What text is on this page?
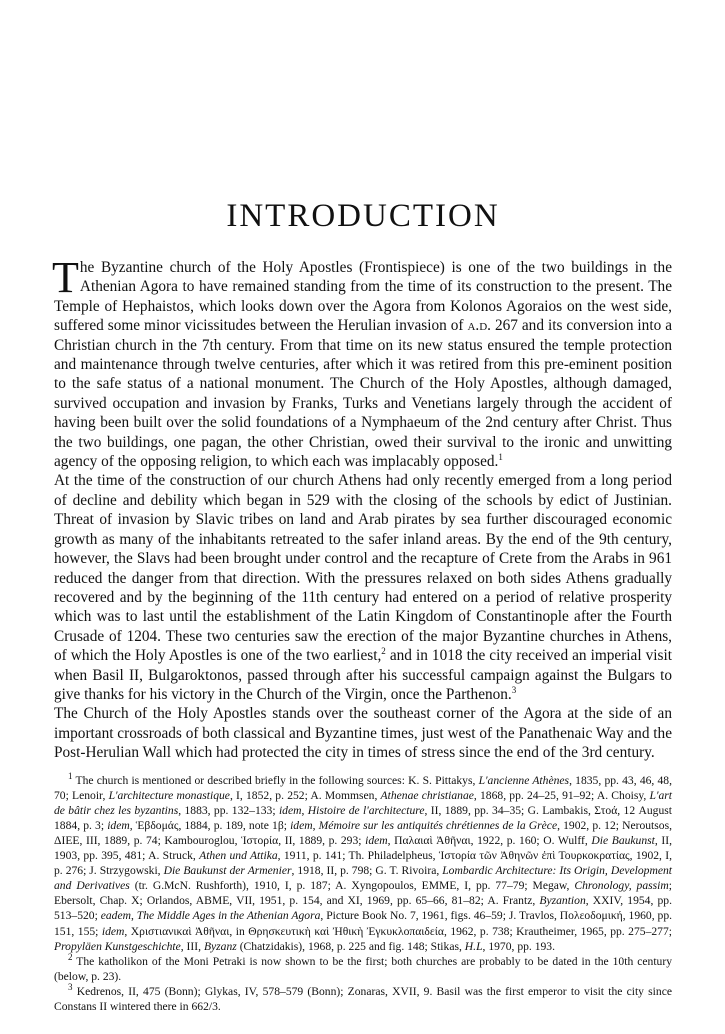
INTRODUCTION

The Byzantine church of the Holy Apostles (Frontispiece) is one of the two buildings in the Athenian Agora to have remained standing from the time of its construction to the present. The Temple of Hephaistos, which looks down over the Agora from Kolonos Agoraios on the west side, suffered some minor vicissitudes between the Herulian invasion of a.d. 267 and its conversion into a Christian church in the 7th century. From that time on its new status ensured the temple protection and maintenance through twelve centuries, after which it was retired from this pre-eminent position to the safe status of a national monument. The Church of the Holy Apostles, although damaged, survived occupation and invasion by Franks, Turks and Venetians largely through the accident of having been built over the solid foundations of a Nymphaeum of the 2nd century after Christ. Thus the two buildings, one pagan, the other Christian, owed their survival to the ironic and unwitting agency of the opposing religion, to which each was implacably opposed.$^1$

At the time of the construction of our church Athens had only recently emerged from a long period of decline and debility which began in 529 with the closing of the schools by edict of Justinian. Threat of invasion by Slavic tribes on land and Arab pirates by sea further discouraged economic growth as many of the inhabitants retreated to the safer inland areas. By the end of the 9th century, however, the Slavs had been brought under control and the recapture of Crete from the Arabs in 961 reduced the danger from that direction. With the pressures relaxed on both sides Athens gradually recovered and by the beginning of the 11th century had entered on a period of relative prosperity which was to last until the establishment of the Latin Kingdom of Constantinople after the Fourth Crusade of 1204. These two centuries saw the erection of the major Byzantine churches in Athens, of which the Holy Apostles is one of the two earliest,$^2$ and in 1018 the city received an imperial visit when Basil II, Bulgaroktonos, passed through after his successful campaign against the Bulgars to give thanks for his victory in the Church of the Virgin, once the Parthenon.$^3$

The Church of the Holy Apostles stands over the southeast corner of the Agora at the side of an important crossroads of both classical and Byzantine times, just west of the Panathenaic Way and the Post-Herulian Wall which had protected the city in times of stress since the end of the 3rd century.

$^1$ The church is mentioned or described briefly in the following sources: K. S. Pittakys, L'ancienne Athènes, 1835, pp. 43, 46, 48, 70; Lenoir, L'architecture monastique, I, 1852, p. 252; A. Mommsen, Athenae christianae, 1868, pp. 24–25, 91–92; A. Choisy, L'art de bâtir chez les byzantins, 1883, pp. 132–133; idem, Histoire de l'architecture, II, 1889, pp. 34–35; G. Lambakis, Στοά, 12 August 1884, p. 3; idem, Ἑβδομάς, 1884, p. 189, note 1β; idem, Mémoire sur les antiquités chrétiennes de la Grèce, 1902, p. 12; Neroutsos, ΔΙΕΕ, III, 1889, p. 74; Kambouroglou, Ἱστορία, II, 1889, p. 293; idem, Παλαιαὶ Ἀθῆναι, 1922, p. 160; O. Wulff, Die Baukunst, II, 1903, pp. 395, 481; A. Struck, Athen und Attika, 1911, p. 141; Th. Philadelpheus, Ἱστορία τῶν Ἀθηνῶν ἐπὶ Τουρκοκρατίας, 1902, I, p. 276; J. Strzygowski, Die Baukunst der Armenier, 1918, II, p. 798; G. T. Rivoira, Lombardic Architecture: Its Origin, Development and Derivatives (tr. G.McN. Rushforth), 1910, I, p. 187; A. Xyngopoulos, EMME, I, pp. 77–79; Megaw, Chronology, passim; Ebersolt, Chap. X; Orlandos, ABME, VII, 1951, p. 154, and XI, 1969, pp. 65–66, 81–82; A. Frantz, Byzantion, XXIV, 1954, pp. 513–520; eadem, The Middle Ages in the Athenian Agora, Picture Book No. 7, 1961, figs. 46–59; J. Travlos, Πολεοδομική, 1960, pp. 151, 155; idem, Χριστιανικαὶ Ἀθῆναι, in Θρησκευτικὴ καὶ Ἠθικὴ Ἐγκυκλοπαιδεία, 1962, p. 738; Krautheimer, 1965, pp. 275–277; Propyläen Kunstgeschichte, III, Byzanz (Chatzidakis), 1968, p. 225 and fig. 148; Stikas, H.L, 1970, pp. 193.

$^2$ The katholikon of the Moni Petraki is now shown to be the first; both churches are probably to be dated in the 10th century (below, p. 23).

$^3$ Kedrenos, II, 475 (Bonn); Glykas, IV, 578–579 (Bonn); Zonaras, XVII, 9. Basil was the first emperor to visit the city since Constans II wintered there in 662/3.
